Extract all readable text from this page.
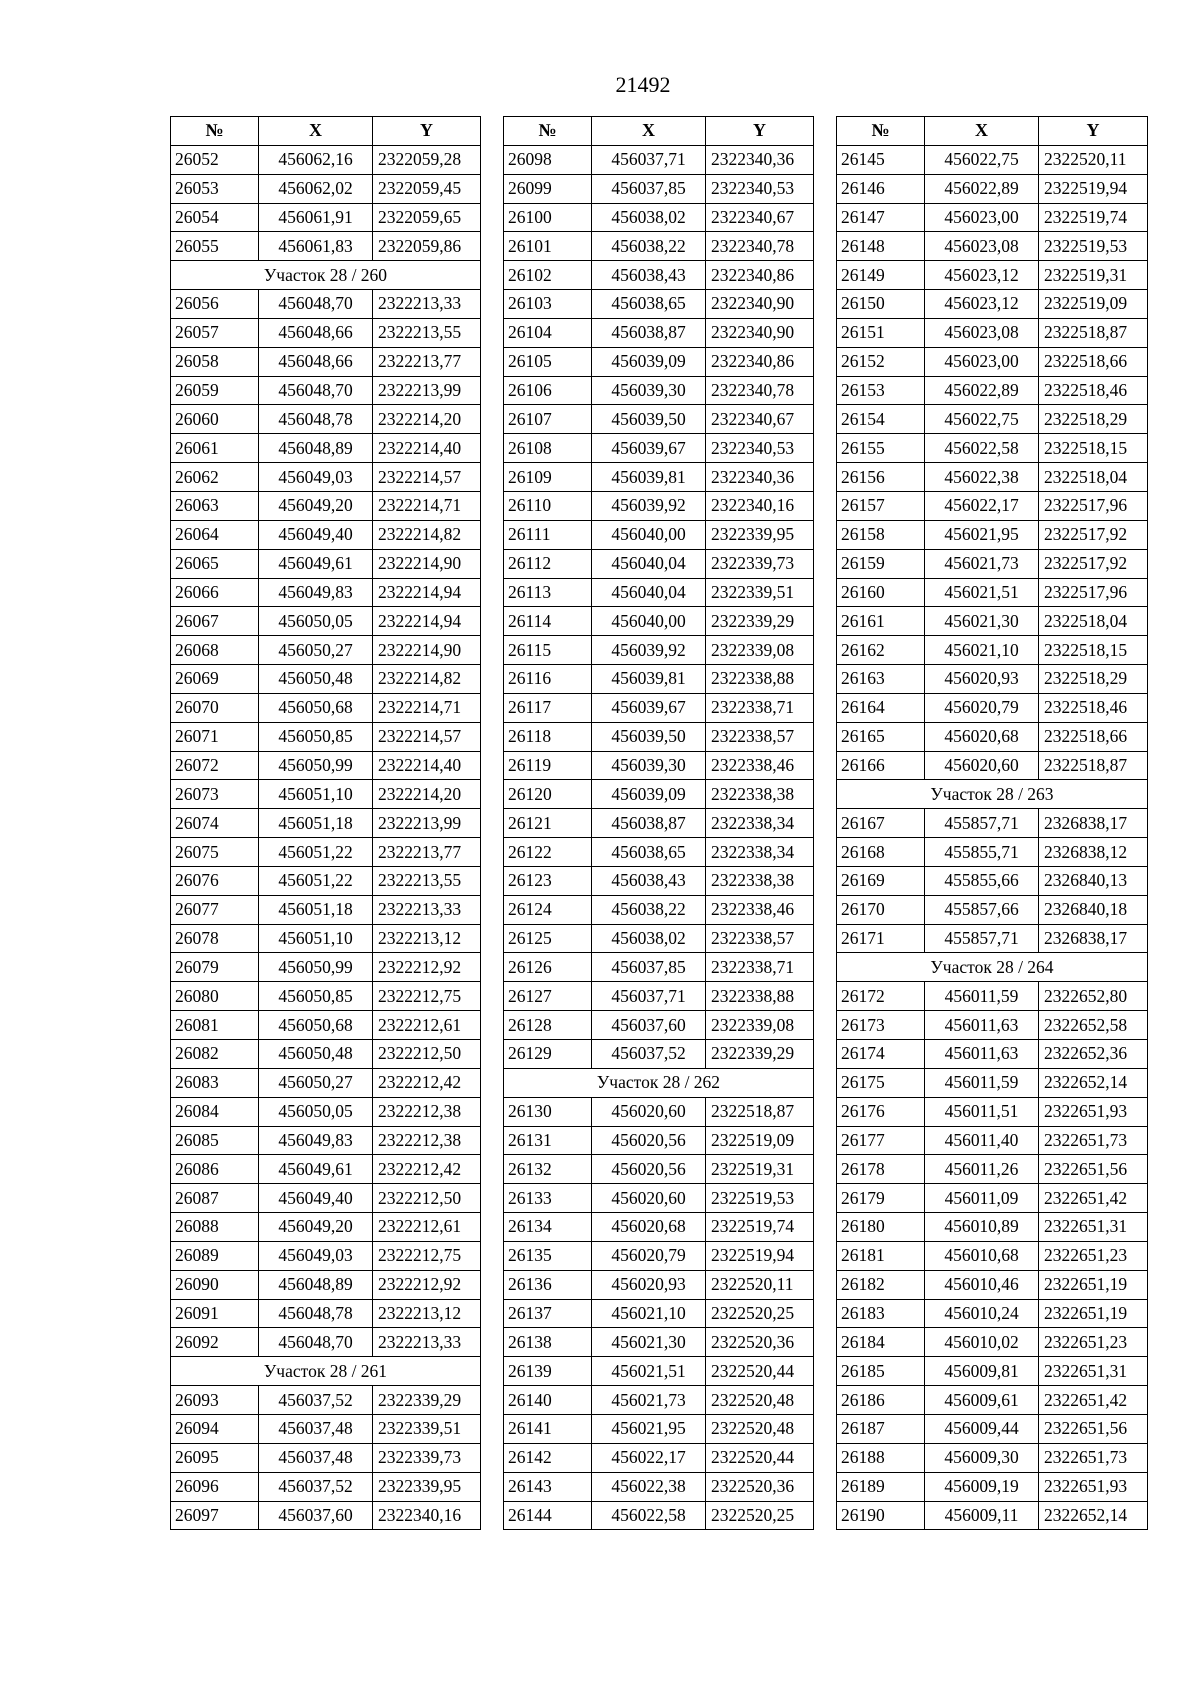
21492
№	X	Y
26052	456062,16	2322059,28
26053	456062,02	2322059,45
26054	456061,91	2322059,65
26055	456061,83	2322059,86
Участок 28 / 260		
26056	456048,70	2322213,33
26057	456048,66	2322213,55
26058	456048,66	2322213,77
26059	456048,70	2322213,99
26060	456048,78	2322214,20
26061	456048,89	2322214,40
26062	456049,03	2322214,57
26063	456049,20	2322214,71
26064	456049,40	2322214,82
26065	456049,61	2322214,90
26066	456049,83	2322214,94
26067	456050,05	2322214,94
26068	456050,27	2322214,90
26069	456050,48	2322214,82
26070	456050,68	2322214,71
26071	456050,85	2322214,57
26072	456050,99	2322214,40
26073	456051,10	2322214,20
26074	456051,18	2322213,99
26075	456051,22	2322213,77
26076	456051,22	2322213,55
26077	456051,18	2322213,33
26078	456051,10	2322213,12
26079	456050,99	2322212,92
26080	456050,85	2322212,75
26081	456050,68	2322212,61
26082	456050,48	2322212,50
26083	456050,27	2322212,42
26084	456050,05	2322212,38
26085	456049,83	2322212,38
26086	456049,61	2322212,42
26087	456049,40	2322212,50
26088	456049,20	2322212,61
26089	456049,03	2322212,75
26090	456048,89	2322212,92
26091	456048,78	2322213,12
26092	456048,70	2322213,33
Участок 28 / 261		
26093	456037,52	2322339,29
26094	456037,48	2322339,51
26095	456037,48	2322339,73
26096	456037,52	2322339,95
26097	456037,60	2322340,16
№	X	Y
26098	456037,71	2322340,36
26099	456037,85	2322340,53
26100	456038,02	2322340,67
26101	456038,22	2322340,78
26102	456038,43	2322340,86
26103	456038,65	2322340,90
26104	456038,87	2322340,90
26105	456039,09	2322340,86
26106	456039,30	2322340,78
26107	456039,50	2322340,67
26108	456039,67	2322340,53
26109	456039,81	2322340,36
26110	456039,92	2322340,16
26111	456040,00	2322339,95
26112	456040,04	2322339,73
26113	456040,04	2322339,51
26114	456040,00	2322339,29
26115	456039,92	2322339,08
26116	456039,81	2322338,88
26117	456039,67	2322338,71
26118	456039,50	2322338,57
26119	456039,30	2322338,46
26120	456039,09	2322338,38
26121	456038,87	2322338,34
26122	456038,65	2322338,34
26123	456038,43	2322338,38
26124	456038,22	2322338,46
26125	456038,02	2322338,57
26126	456037,85	2322338,71
26127	456037,71	2322338,88
26128	456037,60	2322339,08
26129	456037,52	2322339,29
Участок 28 / 262		
26130	456020,60	2322518,87
26131	456020,56	2322519,09
26132	456020,56	2322519,31
26133	456020,60	2322519,53
26134	456020,68	2322519,74
26135	456020,79	2322519,94
26136	456020,93	2322520,11
26137	456021,10	2322520,25
26138	456021,30	2322520,36
26139	456021,51	2322520,44
26140	456021,73	2322520,48
26141	456021,95	2322520,48
26142	456022,17	2322520,44
26143	456022,38	2322520,36
26144	456022,58	2322520,25
№	X	Y
26145	456022,75	2322520,11
26146	456022,89	2322519,94
26147	456023,00	2322519,74
26148	456023,08	2322519,53
26149	456023,12	2322519,31
26150	456023,12	2322519,09
26151	456023,08	2322518,87
26152	456023,00	2322518,66
26153	456022,89	2322518,46
26154	456022,75	2322518,29
26155	456022,58	2322518,15
26156	456022,38	2322518,04
26157	456022,17	2322517,96
26158	456021,95	2322517,92
26159	456021,73	2322517,92
26160	456021,51	2322517,96
26161	456021,30	2322518,04
26162	456021,10	2322518,15
26163	456020,93	2322518,29
26164	456020,79	2322518,46
26165	456020,68	2322518,66
26166	456020,60	2322518,87
Участок 28 / 263		
26167	455857,71	2326838,17
26168	455855,71	2326838,12
26169	455855,66	2326840,13
26170	455857,66	2326840,18
26171	455857,71	2326838,17
Участок 28 / 264		
26172	456011,59	2322652,80
26173	456011,63	2322652,58
26174	456011,63	2322652,36
26175	456011,59	2322652,14
26176	456011,51	2322651,93
26177	456011,40	2322651,73
26178	456011,26	2322651,56
26179	456011,09	2322651,42
26180	456010,89	2322651,31
26181	456010,68	2322651,23
26182	456010,46	2322651,19
26183	456010,24	2322651,19
26184	456010,02	2322651,23
26185	456009,81	2322651,31
26186	456009,61	2322651,42
26187	456009,44	2322651,56
26188	456009,30	2322651,73
26189	456009,19	2322651,93
26190	456009,11	2322652,14
